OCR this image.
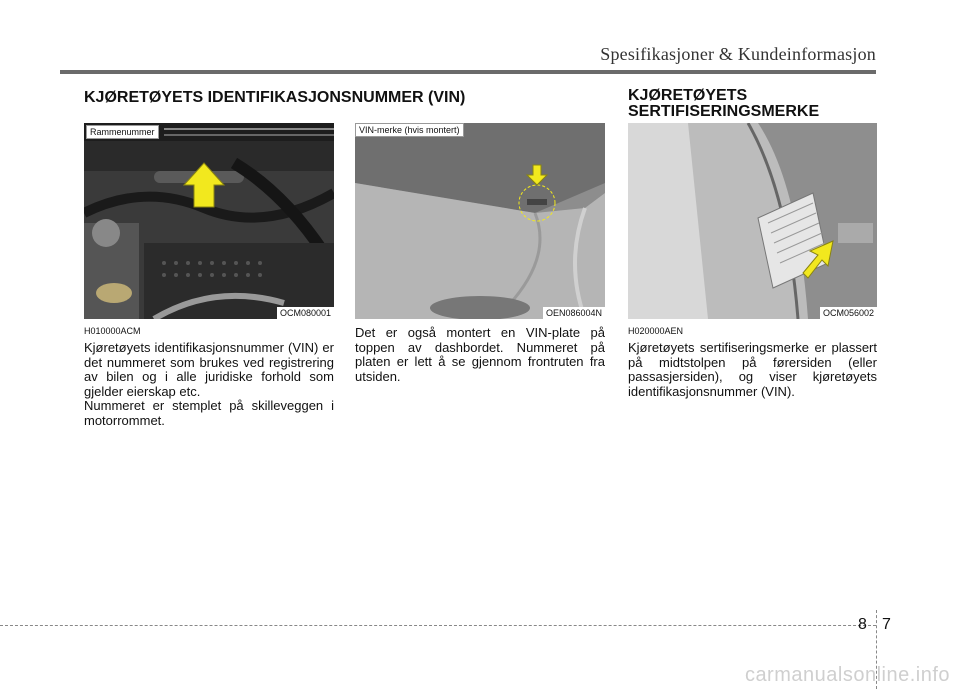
Spesifikasjoner & Kundeinformasjon
KJØRETØYETS IDENTIFIKASJONSNUMMER (VIN)
Rammenummer
OCM080001
H010000ACM
Kjøretøyets identifikasjonsnummer (VIN) er det nummeret som brukes ved registrering av bilen og i alle juridiske forhold som gjelder eierskap etc.
Nummeret er stemplet på skilleveggen i motorrommet.
VIN-merke (hvis montert)
OEN086004N
Det er også montert en VIN-plate på toppen av dashbordet. Nummeret på platen er lett å se gjennom frontruten fra utsiden.
KJØRETØYETS
SERTIFISERINGSMERKE
OCM056002
H020000AEN
Kjøretøyets sertifiseringsmerke er plassert på midtstolpen på førersiden (eller passasjersiden), og viser kjøretøyets identifikasjonsnummer (VIN).
8 7
carmanualsonline.info
